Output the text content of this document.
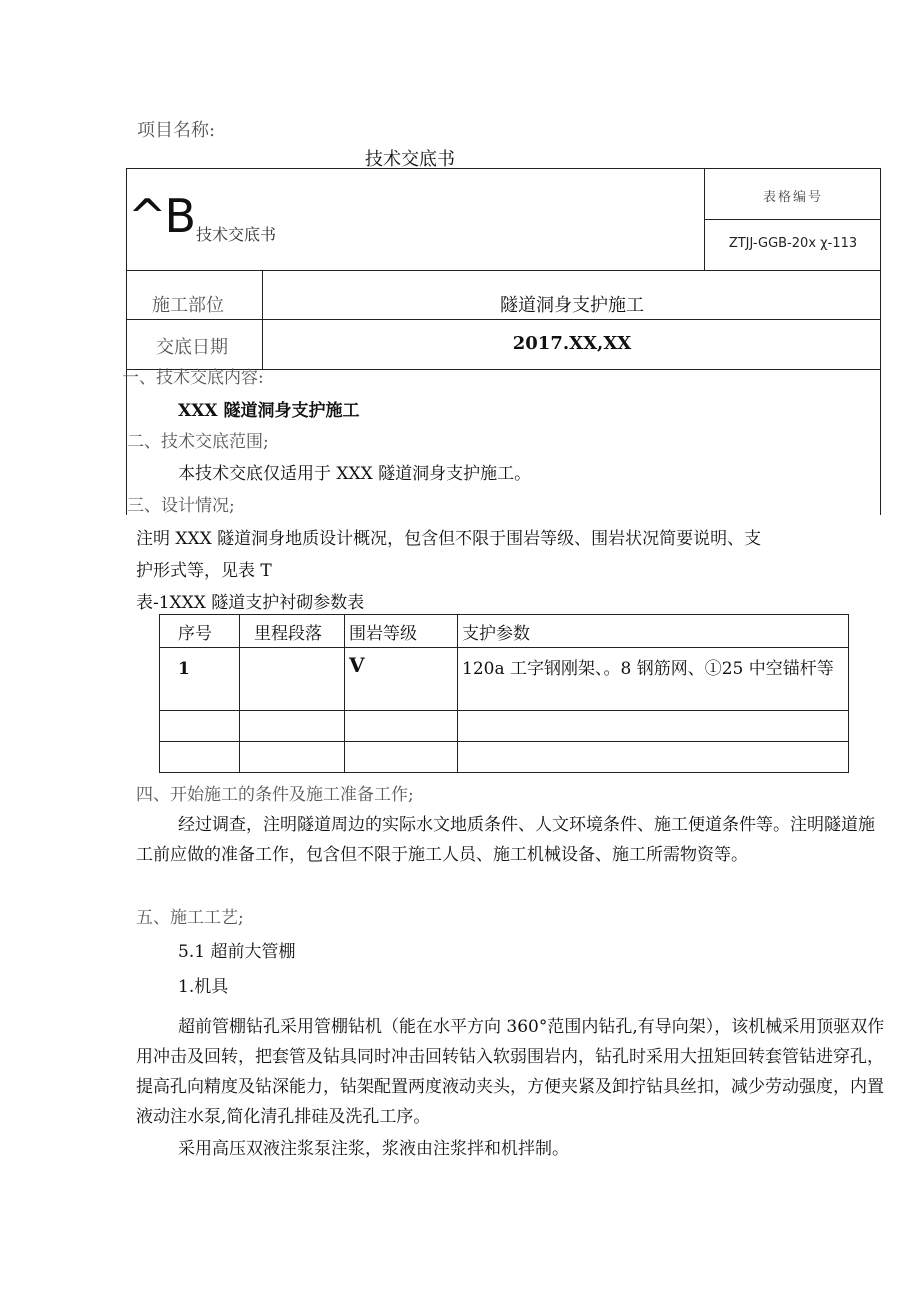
项目名称:
技术交底书
^B 技术交底书
表格编号
ZTJJ-GGB-20x χ-113
施工部位	隧道洞身支护施工
交底日期	2017.XX,XX
一、技术交底内容:
XXX 隧道洞身支护施工
二、技术交底范围;
本技术交底仅适用于 XXX 隧道洞身支护施工。
三、设计情况;
注明 XXX 隧道洞身地质设计概况，包含但不限于围岩等级、围岩状况简要说明、支
护形式等，见表 T
表-1XXX 隧道支护衬砌参数表
序号	里程段落	围岩等级	支护参数
1		V	120a 工字钢刚架、。8 钢筋网、①25 中空锚杆等

四、开始施工的条件及施工准备工作;
经过调查，注明隧道周边的实际水文地质条件、人文环境条件、施工便道条件等。注明隧道施工前应做的准备工作，包含但不限于施工人员、施工机械设备、施工所需物资等。
五、施工工艺;
5.1 超前大管棚
1.机具
超前管棚钻孔采用管棚钻机（能在水平方向 360°范围内钻孔,有导向架），该机械采用顶驱双作用冲击及回转，把套管及钻具同时冲击回转钻入软弱围岩内，钻孔时采用大扭矩回转套管钻进穿孔，提高孔向精度及钻深能力，钻架配置两度液动夹头，方便夹紧及卸拧钻具丝扣，减少劳动强度，内置液动注水泵,简化清孔排硅及洗孔工序。
采用高压双液注浆泵注浆，浆液由注浆拌和机拌制。
